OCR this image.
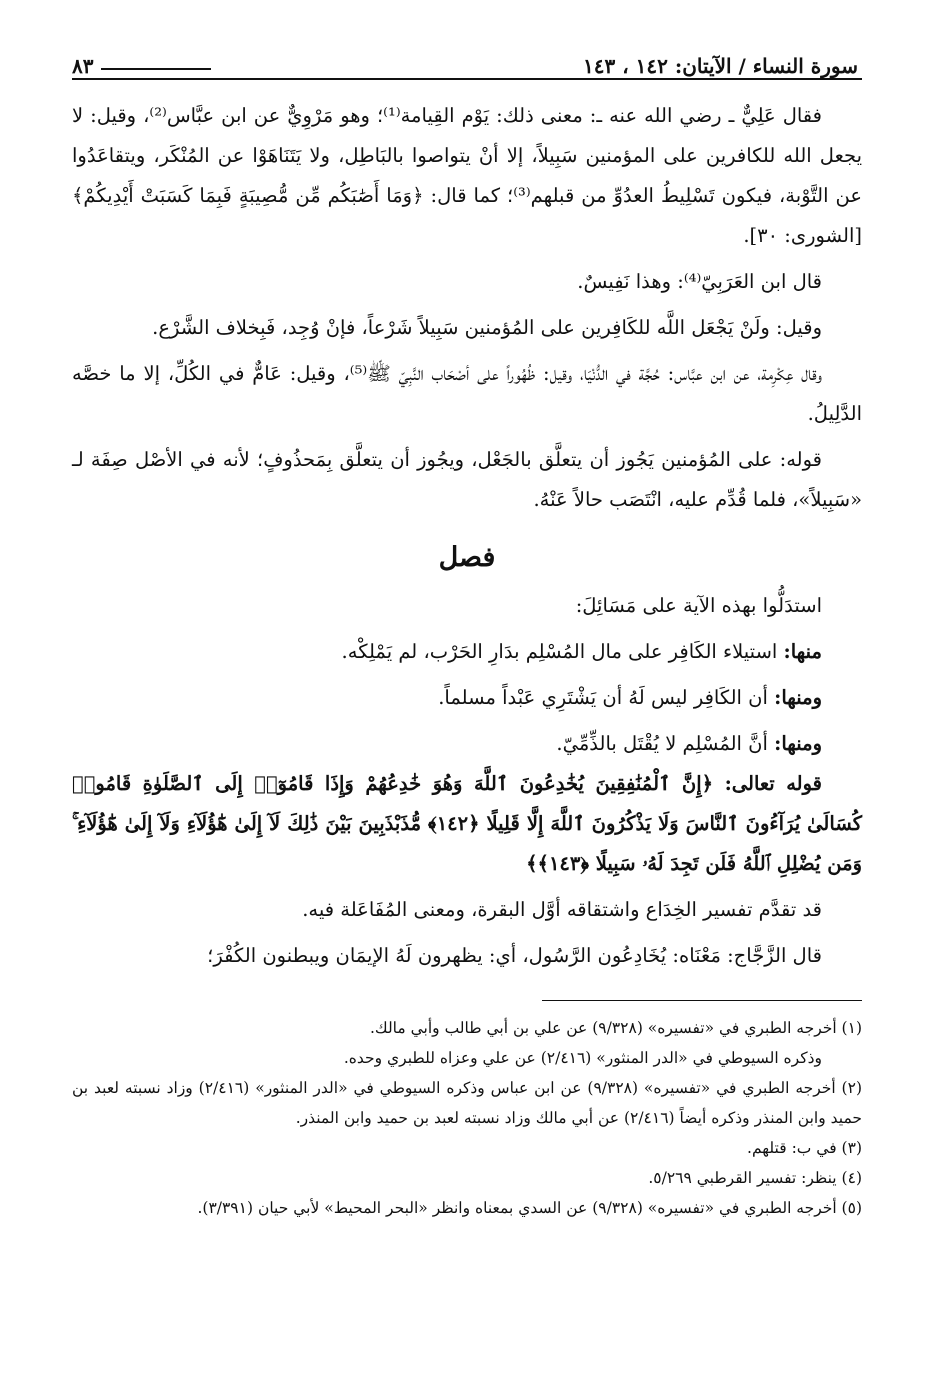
سورة النساء / الآيتان: ١٤٢ ، ١٤٣
٨٣

فقال عَلِيٌّ ـ رضي الله عنه ـ: معنى ذلك: يَوْم القِيامة⁽¹⁾؛ وهو مَرْوِيٌّ عن ابن عبَّاس⁽²⁾، وقيل: لا يجعل الله للكافرين على المؤمنين سَبِيلاً، إلا أنْ يتواصوا بالبَاطِل، ولا يَتَنَاهَوْا عن المُنْكَر، ويتقاعَدُوا عن التَّوْبة، فيكون تَسْلِيطُ العدُوِّ من قبلهم⁽³⁾؛ كما قال: ﴿وَمَا أَصَٰبَكُم مِّن مُّصِيبَةٍ فَبِمَا كَسَبَتْ أَيْدِيكُمْ﴾ [الشورى: ٣٠].

قال ابن العَرَبِيّ⁽⁴⁾: وهذا نَفِيسٌ.

وقيل: ولَنْ يَجْعَل اللَّه للكَافِرين على المُؤمنين سَبِيلاً شَرْعاً، فإنْ وُجِد، فَبِخلاف الشَّرْع.

وقال عِكْرِمة، عن ابن عبَّاس: حُجَّة في الدُّنْيَا، وقيل: ظُهُوراً على أصْحَاب النَّبِيّ ﷺ⁽⁵⁾، وقيل: عَامٌّ في الكُلِّ، إلا ما خصَّه الدَّلِيلُ.

قوله: على المُؤمنين يَجُوز أن يتعلَّق بالجَعْل، ويجُوز أن يتعلَّق بِمَحذُوفٍ؛ لأنه في الأصْل صِفَة لـ «سَبِيلاً»، فلما قُدِّم عليه، انْتَصَب حالاً عَنْهُ.

فصل

استدَلُّوا بهذه الآية على مَسَائِلَ:

منها: استيلاء الكَافِر على مال المُسْلِم بدَارِ الحَرْب، لم يَمْلِكْه.

ومنها: أن الكَافِر ليس لَهُ أن يَشْتَرِي عَبْداً مسلماً.

ومنها: أنَّ المُسْلِم لا يُقْتَل بالذِّمِّيّ.

قوله تعالى: ﴿إِنَّ ٱلْمُنَٰفِقِينَ يُخَٰدِعُونَ ٱللَّهَ وَهُوَ خَٰدِعُهُمْ وَإِذَا قَامُوٓا۟ إِلَى ٱلصَّلَوٰةِ قَامُوا۟ كُسَالَىٰ يُرَآءُونَ ٱلنَّاسَ وَلَا يَذْكُرُونَ ٱللَّهَ إِلَّا قَلِيلًا ﴿١٤٢﴾ مُّذَبْذَبِينَ بَيْنَ ذَٰلِكَ لَآ إِلَىٰ هَٰٓؤُلَآءِ وَلَآ إِلَىٰ هَٰٓؤُلَآءِ ۚ وَمَن يُضْلِلِ ٱللَّهُ فَلَن تَجِدَ لَهُۥ سَبِيلًا ﴿١٤٣﴾﴾

قد تقدَّم تفسير الخِدَاع واشتقاقه أوَّل البقرة، ومعنى المُفَاعَلة فيه.

قال الزَّجَّاج: مَعْنَاه: يُخَادِعُون الرَّسُول، أي: يظهرون لَهُ الإيمَان ويبطنون الكُفْرَ؛

(١) أخرجه الطبري في «تفسيره» (٩/٣٢٨) عن علي بن أبي طالب وأبي مالك.

وذكره السيوطي في «الدر المنثور» (٢/٤١٦) عن علي وعزاه للطبري وحده.

(٢) أخرجه الطبري في «تفسيره» (٩/٣٢٨) عن ابن عباس وذكره السيوطي في «الدر المنثور» (٢/٤١٦) وزاد نسبته لعبد بن حميد وابن المنذر وذكره أيضاً (٢/٤١٦) عن أبي مالك وزاد نسبته لعبد بن حميد وابن المنذر.

(٣) في ب: قتلهم.

(٤) ينظر: تفسير القرطبي ٥/٢٦٩.

(٥) أخرجه الطبري في «تفسيره» (٩/٣٢٨) عن السدي بمعناه وانظر «البحر المحيط» لأبي حيان (٣/٣٩١).
